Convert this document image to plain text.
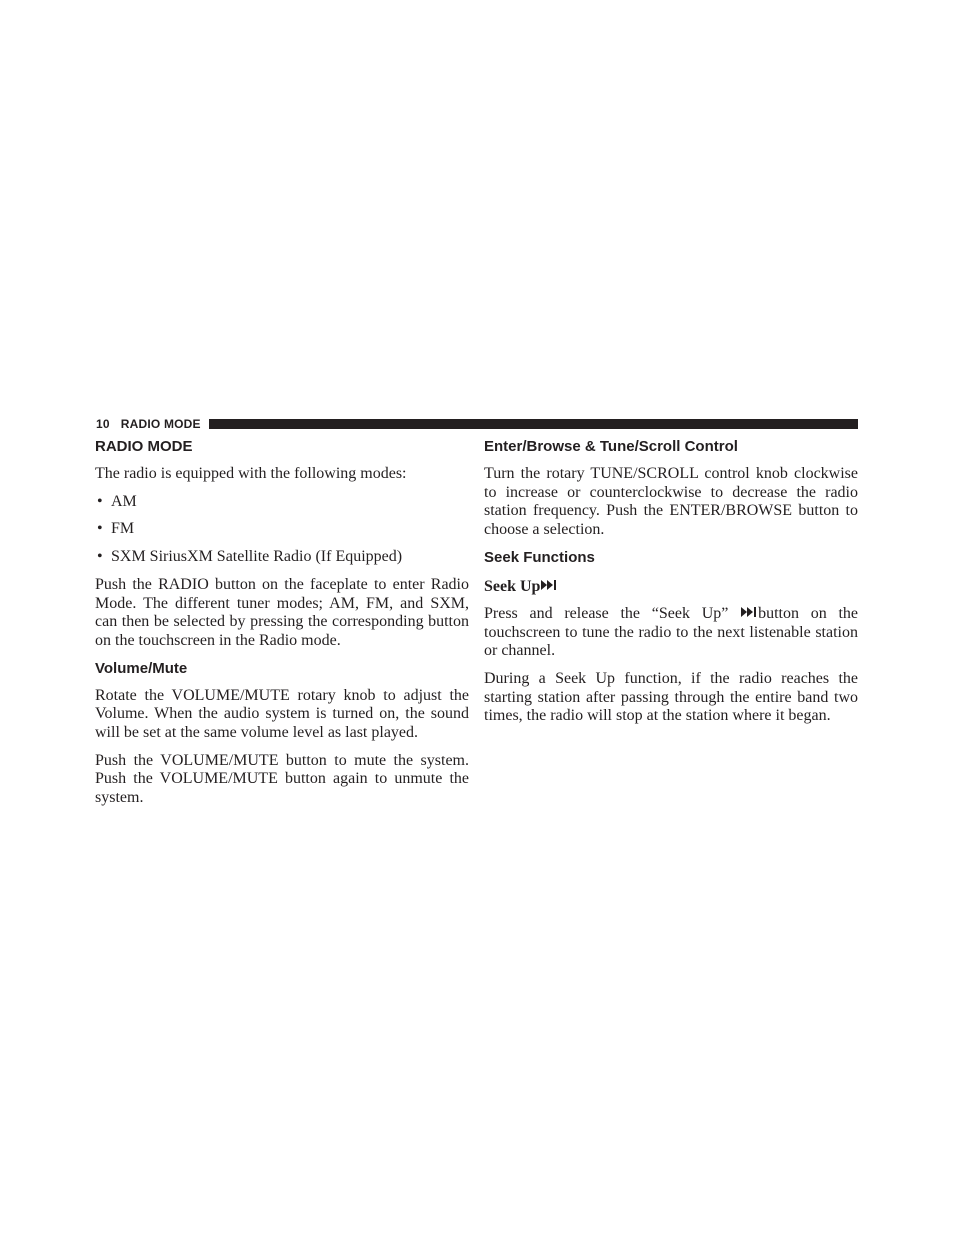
10 RADIO MODE
RADIO MODE

The radio is equipped with the following modes:

• AM
• FM
• SXM SiriusXM Satellite Radio (If Equipped)

Push the RADIO button on the faceplate to enter Radio Mode. The different tuner modes; AM, FM, and SXM, can then be selected by pressing the corresponding button on the touchscreen in the Radio mode.

Volume/Mute

Rotate the VOLUME/MUTE rotary knob to adjust the Volume. When the audio system is turned on, the sound will be set at the same volume level as last played.

Push the VOLUME/MUTE button to mute the system. Push the VOLUME/MUTE button again to unmute the system.

Enter/Browse & Tune/Scroll Control

Turn the rotary TUNE/SCROLL control knob clockwise to increase or counterclockwise to decrease the radio station frequency. Push the ENTER/BROWSE button to choose a selection.

Seek Functions
Seek Up

Press and release the “Seek Up” button on the touchscreen to tune the radio to the next listenable station or channel.

During a Seek Up function, if the radio reaches the starting station after passing through the entire band two times, the radio will stop at the station where it began.
